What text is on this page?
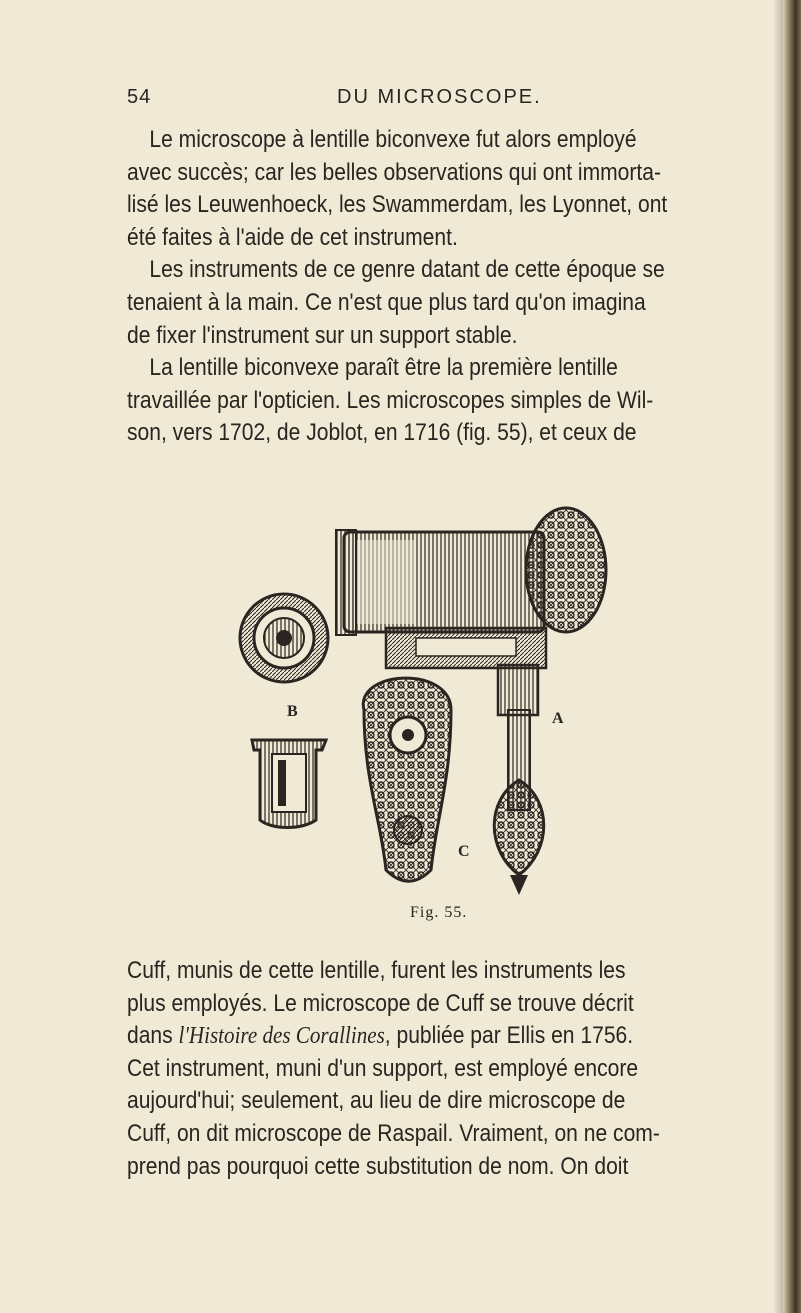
54	DU MICROSCOPE.
Le microscope à lentille biconvexe fut alors employé
avec succès; car les belles observations qui ont immorta-
lisé les Leuwenhoeck, les Swammerdam, les Lyonnet, ont
été faites à l'aide de cet instrument.
Les instruments de ce genre datant de cette époque se
tenaient à la main. Ce n'est que plus tard qu'on imagina
de fixer l'instrument sur un support stable.
La lentille biconvexe paraît être la première lentille
travaillée par l'opticien. Les microscopes simples de Wil-
son, vers 1702, de Joblot, en 1716 (fig. 55), et ceux de
B	A
C
Fig. 55.
Cuff, munis de cette lentille, furent les instruments les
plus employés. Le microscope de Cuff se trouve décrit
dans l'Histoire des Corallines, publiée par Ellis en 1756.
Cet instrument, muni d'un support, est employé encore
aujourd'hui; seulement, au lieu de dire microscope de
Cuff, on dit microscope de Raspail. Vraiment, on ne com-
prend pas pourquoi cette substitution de nom. On doit
